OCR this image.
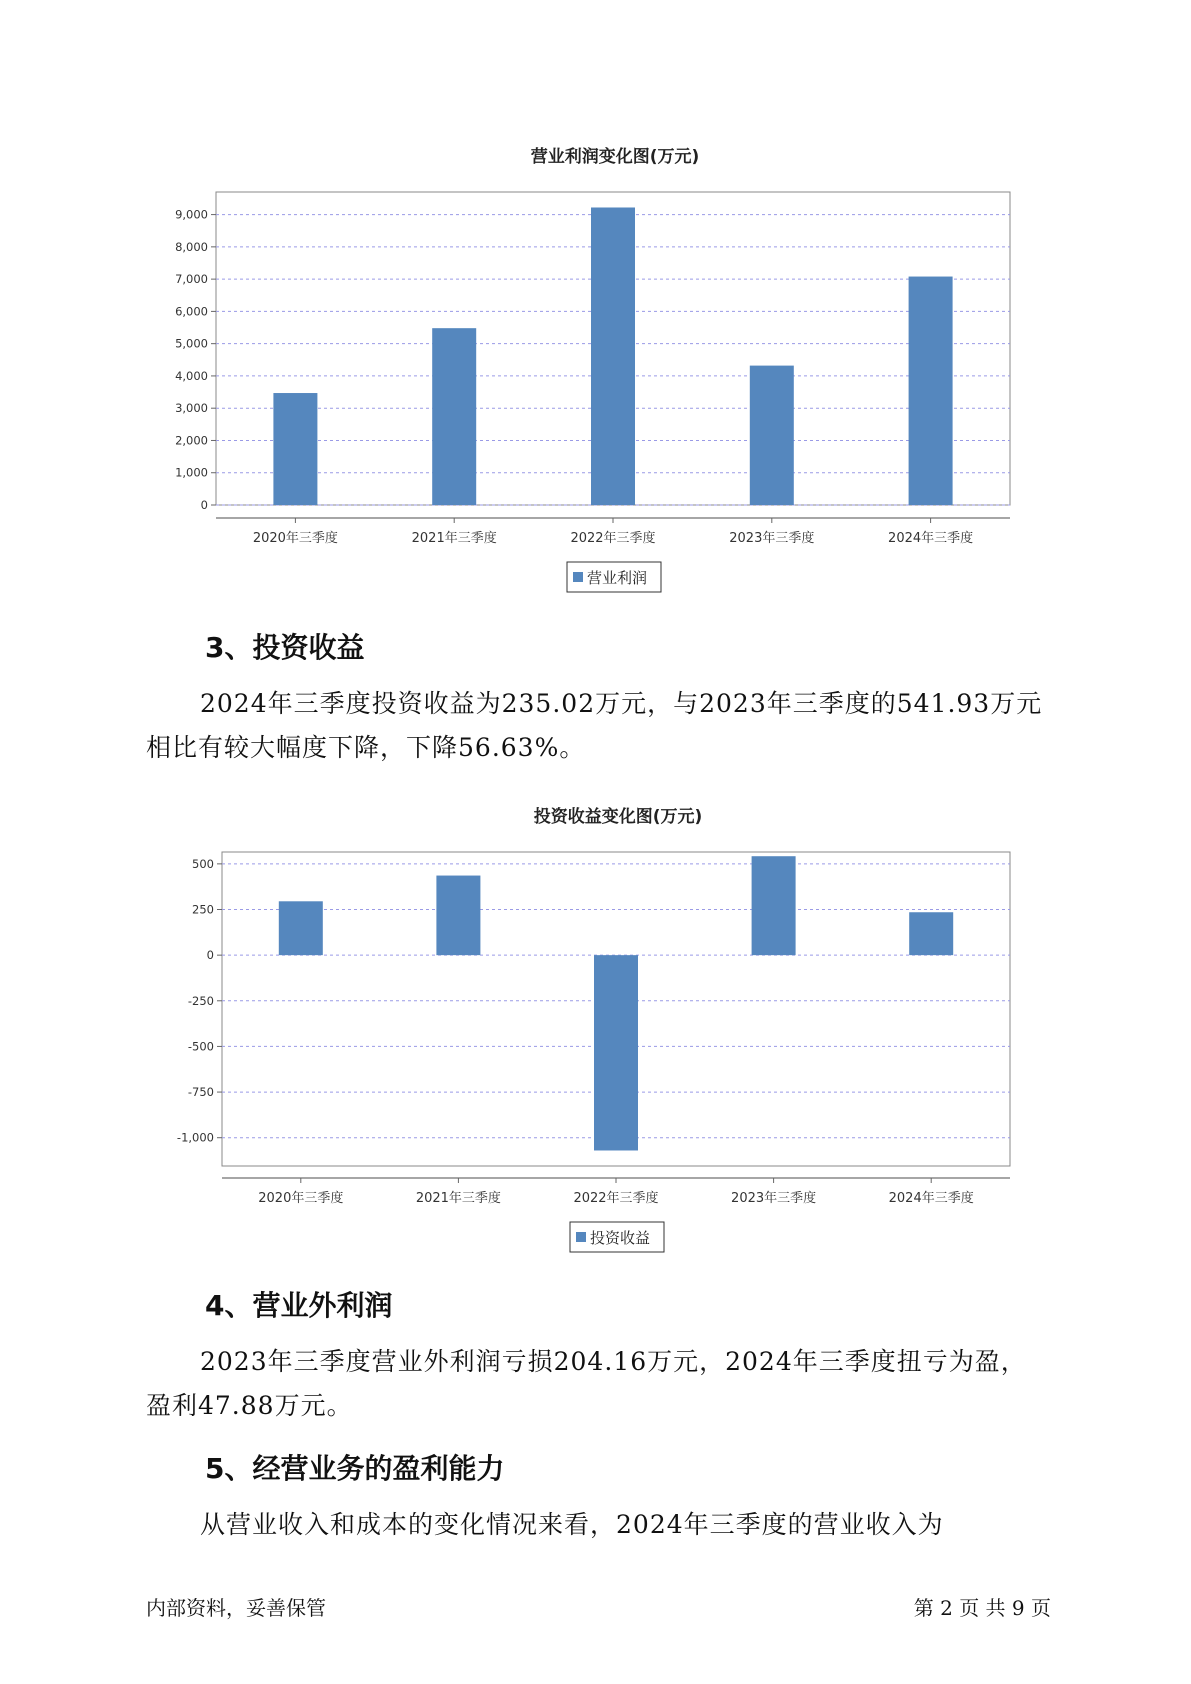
营业利润变化图(万元)
0
1,000
2,000
3,000
4,000
5,000
6,000
7,000
8,000
9,000
2020年三季度	2021年三季度	2022年三季度	2023年三季度	2024年三季度
营业利润
3、投资收益
2024年三季度投资收益为235.02万元，与2023年三季度的541.93万元
相比有较大幅度下降，下降56.63%。
投资收益变化图(万元)
-1,000
-750
-500
-250
0
250
500
2020年三季度	2021年三季度	2022年三季度	2023年三季度	2024年三季度
投资收益
4、营业外利润
2023年三季度营业外利润亏损204.16万元，2024年三季度扭亏为盈，
盈利47.88万元。
5、经营业务的盈利能力
从营业收入和成本的变化情况来看，2024年三季度的营业收入为
内部资料，妥善保管	第 2 页 共 9 页
